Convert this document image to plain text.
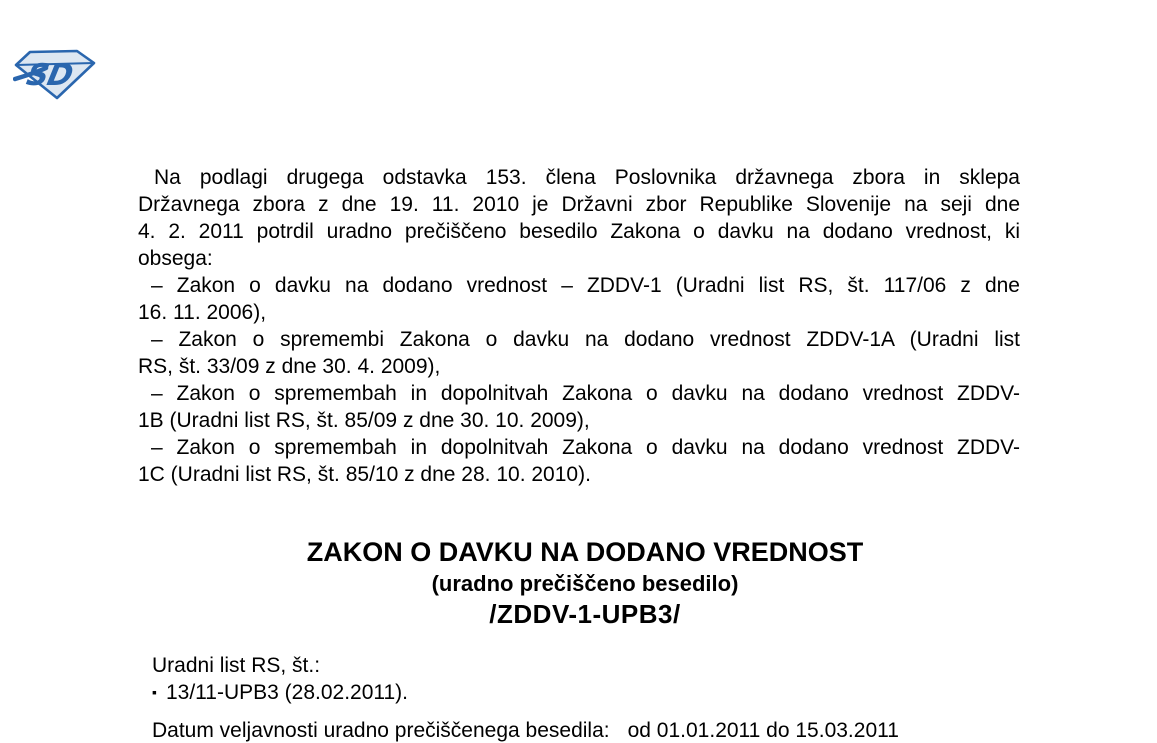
SD
Na podlagi drugega odstavka 153. člena Poslovnika državnega zbora in sklepa
Državnega zbora z dne 19. 11. 2010 je Državni zbor Republike Slovenije na seji dne
4. 2. 2011 potrdil uradno prečiščeno besedilo Zakona o davku na dodano vrednost, ki
obsega:
– Zakon o davku na dodano vrednost – ZDDV-1 (Uradni list RS, št. 117/06 z dne
16. 11. 2006),
– Zakon o spremembi Zakona o davku na dodano vrednost ZDDV-1A (Uradni list
RS, št. 33/09 z dne 30. 4. 2009),
– Zakon o spremembah in dopolnitvah Zakona o davku na dodano vrednost ZDDV-
1B (Uradni list RS, št. 85/09 z dne 30. 10. 2009),
– Zakon o spremembah in dopolnitvah Zakona o davku na dodano vrednost ZDDV-
1C (Uradni list RS, št. 85/10 z dne 28. 10. 2010).
ZAKON O DAVKU NA DODANO VREDNOST
(uradno prečiščeno besedilo)
/ZDDV-1-UPB3/
Uradni list RS, št.:
▪ 13/11-UPB3 (28.02.2011).
Datum veljavnosti uradno prečiščenega besedila: od 01.01.2011 do 15.03.2011
